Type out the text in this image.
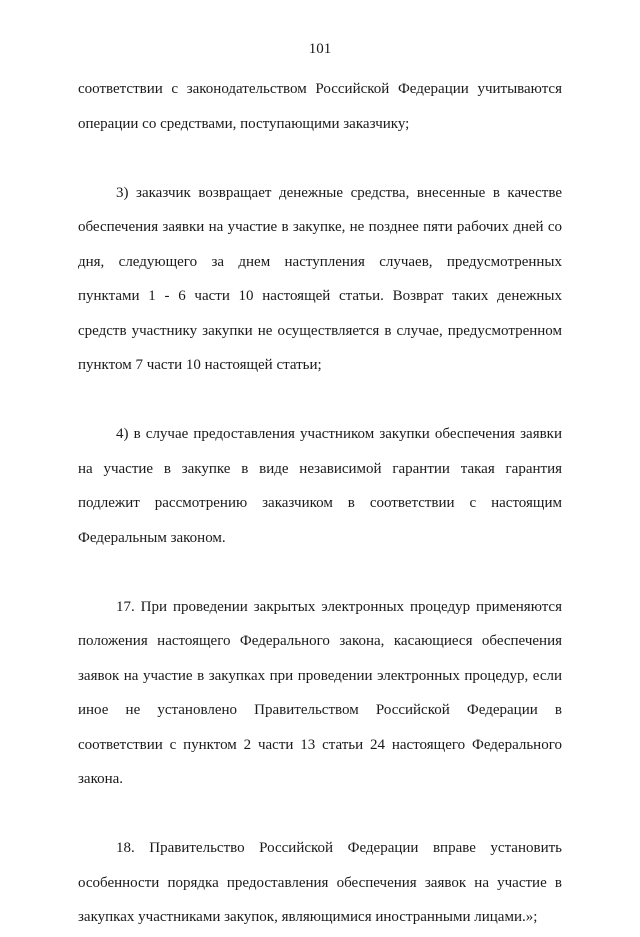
101
соответствии с законодательством Российской Федерации учитываются
операции со средствами, поступающими заказчику;
3) заказчик возвращает денежные средства, внесенные в качестве
обеспечения заявки на участие в закупке, не позднее пяти рабочих дней со
дня, следующего за днем наступления случаев, предусмотренных
пунктами 1 - 6 части 10 настоящей статьи. Возврат таких денежных
средств участнику закупки не осуществляется в случае, предусмотренном
пунктом 7 части 10 настоящей статьи;
4) в случае предоставления участником закупки обеспечения заявки
на участие в закупке в виде независимой гарантии такая гарантия
подлежит рассмотрению заказчиком в соответствии с настоящим
Федеральным законом.
17. При проведении закрытых электронных процедур применяются
положения настоящего Федерального закона, касающиеся обеспечения
заявок на участие в закупках при проведении электронных процедур, если
иное не установлено Правительством Российской Федерации в
соответствии с пунктом 2 части 13 статьи 24 настоящего Федерального
закона.
18. Правительство Российской Федерации вправе установить
особенности порядка предоставления обеспечения заявок на участие в
закупках участниками закупок, являющимися иностранными лицами.»;
